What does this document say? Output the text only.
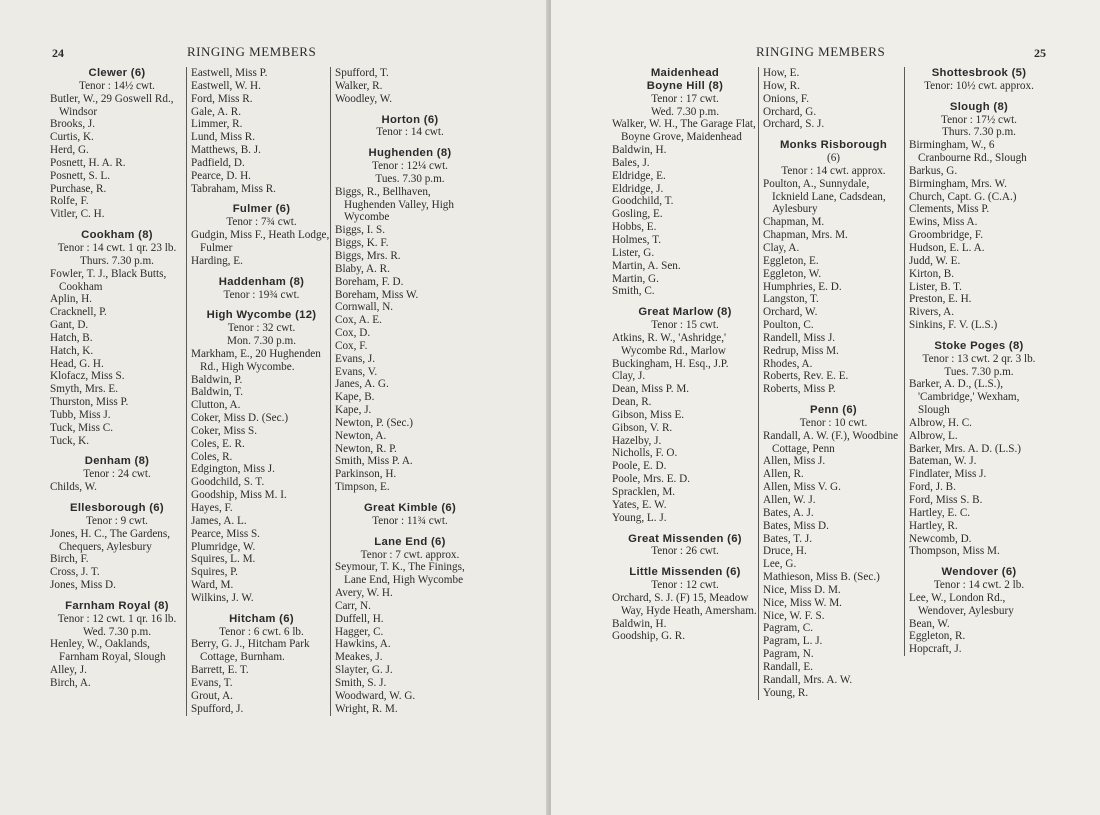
24	RINGING MEMBERS
Clewer (6)
Tenor : 14½ cwt.
Butler, W., 29 Goswell Rd., Windsor
Brooks, J.
Curtis, K.
Herd, G.
Posnett, H. A. R.
Posnett, S. L.
Purchase, R.
Rolfe, F.
Vitler, C. H.
Cookham (8)
Tenor : 14 cwt. 1 qr. 23 lb.
Thurs. 7.30 p.m.
Fowler, T. J., Black Butts, Cookham
Aplin, H.
Cracknell, P.
Gant, D.
Hatch, B.
Hatch, K.
Head, G. H.
Klofacz, Miss S.
Smyth, Mrs. E.
Thurston, Miss P.
Tubb, Miss J.
Tuck, Miss C.
Tuck, K.
Denham (8)
Tenor : 24 cwt.
Childs, W.
Ellesborough (6)
Tenor : 9 cwt.
Jones, H. C., The Gardens, Chequers, Aylesbury
Birch, F.
Cross, J. T.
Jones, Miss D.
Farnham Royal (8)
Tenor : 12 cwt. 1 qr. 16 lb.
Wed. 7.30 p.m.
Henley, W., Oaklands, Farnham Royal, Slough
Alley, J.
Birch, A.
Eastwell, Miss P.
Eastwell, W. H.
Ford, Miss R.
Gale, A. R.
Limmer, R.
Lund, Miss R.
Matthews, B. J.
Padfield, D.
Pearce, D. H.
Tabraham, Miss R.
Fulmer (6)
Tenor : 7¾ cwt.
Gudgin, Miss F., Heath Lodge, Fulmer
Harding, E.
Haddenham (8)
Tenor : 19¾ cwt.
High Wycombe (12)
Tenor : 32 cwt.
Mon. 7.30 p.m.
Markham, E., 20 Hughenden Rd., High Wycombe.
Baldwin, P.
Baldwin, T.
Clutton, A.
Coker, Miss D. (Sec.)
Coker, Miss S.
Coles, E. R.
Coles, R.
Edgington, Miss J.
Goodchild, S. T.
Goodship, Miss M. I.
Hayes, F.
James, A. L.
Pearce, Miss S.
Plumridge, W.
Squires, L. M.
Squires, P.
Ward, M.
Wilkins, J. W.
Hitcham (6)
Tenor : 6 cwt. 6 lb.
Berry, G. J., Hitcham Park Cottage, Burnham.
Barrett, E. T.
Evans, T.
Grout, A.
Spufford, J.
Spufford, T.
Walker, R.
Woodley, W.
Horton (6)
Tenor : 14 cwt.
Hughenden (8)
Tenor : 12¼ cwt.
Tues. 7.30 p.m.
Biggs, R., Bellhaven, Hughenden Valley, High Wycombe
Biggs, I. S.
Biggs, K. F.
Biggs, Mrs. R.
Blaby, A. R.
Boreham, F. D.
Boreham, Miss W.
Cornwall, N.
Cox, A. E.
Cox, D.
Cox, F.
Evans, J.
Evans, V.
Janes, A. G.
Kape, B.
Kape, J.
Newton, P. (Sec.)
Newton, A.
Newton, R. P.
Smith, Miss P. A.
Parkinson, H.
Timpson, E.
Great Kimble (6)
Tenor : 11¾ cwt.
Lane End (6)
Tenor : 7 cwt. approx.
Seymour, T. K., The Finings, Lane End, High Wycombe
Avery, W. H.
Carr, N.
Duffell, H.
Hagger, C.
Hawkins, A.
Meakes, J.
Slayter, G. J.
Smith, S. J.
Woodward, W. G.
Wright, R. M.
RINGING MEMBERS	25
Maidenhead
Boyne Hill (8)
Tenor : 17 cwt.
Wed. 7.30 p.m.
Walker, W. H., The Garage Flat, Boyne Grove, Maidenhead
Baldwin, H.
Bales, J.
Eldridge, E.
Eldridge, J.
Goodchild, T.
Gosling, E.
Hobbs, E.
Holmes, T.
Lister, G.
Martin, A. Sen.
Martin, G.
Smith, C.
Great Marlow (8)
Tenor : 15 cwt.
Atkins, R. W., 'Ashridge,' Wycombe Rd., Marlow
Buckingham, H. Esq., J.P.
Clay, J.
Dean, Miss P. M.
Dean, R.
Gibson, Miss E.
Gibson, V. R.
Hazelby, J.
Nicholls, F. O.
Poole, E. D.
Poole, Mrs. E. D.
Spracklen, M.
Yates, E. W.
Young, L. J.
Great Missenden (6)
Tenor : 26 cwt.
Little Missenden (6)
Tenor : 12 cwt.
Orchard, S. J. (F) 15, Meadow Way, Hyde Heath, Amersham.
Baldwin, H.
Goodship, G. R.
How, E.
How, R.
Onions, F.
Orchard, G.
Orchard, S. J.
Monks Risborough
(6)
Tenor : 14 cwt. approx.
Poulton, A., Sunnydale, Icknield Lane, Cadsdean, Aylesbury
Chapman, M.
Chapman, Mrs. M.
Clay, A.
Eggleton, E.
Eggleton, W.
Humphries, E. D.
Langston, T.
Orchard, W.
Poulton, C.
Randell, Miss J.
Redrup, Miss M.
Rhodes, A.
Roberts, Rev. E. E.
Roberts, Miss P.
Penn (6)
Tenor : 10 cwt.
Randall, A. W. (F.), Woodbine Cottage, Penn
Allen, Miss J.
Allen, R.
Allen, Miss V. G.
Allen, W. J.
Bates, A. J.
Bates, Miss D.
Bates, T. J.
Druce, H.
Lee, G.
Mathieson, Miss B. (Sec.)
Nice, Miss D. M.
Nice, Miss W. M.
Nice, W. F. S.
Pagram, C.
Pagram, L. J.
Pagram, N.
Randall, E.
Randall, Mrs. A. W.
Young, R.
Shottesbrook (5)
Tenor: 10½ cwt. approx.
Slough (8)
Tenor : 17½ cwt.
Thurs. 7.30 p.m.
Birmingham, W., 6 Cranbourne Rd., Slough
Barkus, G.
Birmingham, Mrs. W.
Church, Capt. G. (C.A.)
Clements, Miss P.
Ewins, Miss A.
Groombridge, F.
Hudson, E. L. A.
Judd, W. E.
Kirton, B.
Lister, B. T.
Preston, E. H.
Rivers, A.
Sinkins, F. V. (L.S.)
Stoke Poges (8)
Tenor : 13 cwt. 2 qr. 3 lb.
Tues. 7.30 p.m.
Barker, A. D., (L.S.), 'Cambridge,' Wexham, Slough
Albrow, H. C.
Albrow, L.
Barker, Mrs. A. D. (L.S.)
Bateman, W. J.
Findlater, Miss J.
Ford, J. B.
Ford, Miss S. B.
Hartley, E. C.
Hartley, R.
Newcomb, D.
Thompson, Miss M.
Wendover (6)
Tenor : 14 cwt. 2 lb.
Lee, W., London Rd., Wendover, Aylesbury
Bean, W.
Eggleton, R.
Hopcraft, J.
